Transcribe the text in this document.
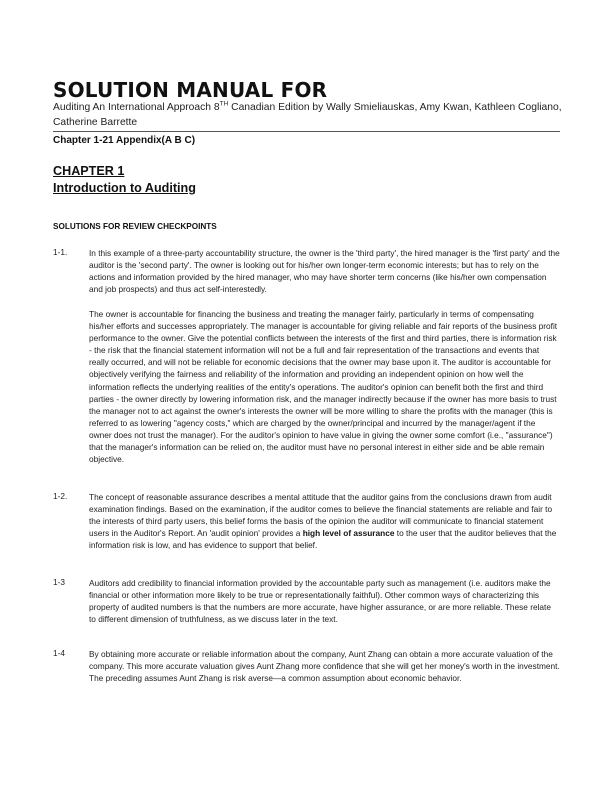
SOLUTION MANUAL FOR
Auditing An International Approach 8TH Canadian Edition by Wally Smieliauskas, Amy Kwan, Kathleen Cogliano, Catherine Barrette
Chapter 1-21 Appendix(A B C)
CHAPTER 1
Introduction to Auditing
SOLUTIONS FOR REVIEW CHECKPOINTS
1-1.	In this example of a three-party accountability structure, the owner is the 'third party', the hired manager is the 'first party' and the auditor is the 'second party'. The owner is looking out for his/her own longer-term economic interests; but has to rely on the actions and information provided by the hired manager, who may have shorter term concerns (like his/her own compensation and job prospects) and thus act self-interestedly.
The owner is accountable for financing the business and treating the manager fairly, particularly in terms of compensating his/her efforts and successes appropriately. The manager is accountable for giving reliable and fair reports of the business profit performance to the owner. Give the potential conflicts between the interests of the first and third parties, there is information risk - the risk that the financial statement information will not be a full and fair representation of the transactions and events that really occurred, and will not be reliable for economic decisions that the owner may base upon it. The auditor is accountable for objectively verifying the fairness and reliability of the information and providing an independent opinion on how well the information reflects the underlying realities of the entity's operations. The auditor's opinion can benefit both the first and third parties - the owner directly by lowering information risk, and the manager indirectly because if the owner has more basis to trust the manager not to act against the owner's interests the owner will be more willing to share the profits with the manager (this is referred to as lowering "agency costs," which are charged by the owner/principal and incurred by the manager/agent if the owner does not trust the manager). For the auditor's opinion to have value in giving the owner some comfort (i.e., "assurance") that the manager's information can be relied on, the auditor must have no personal interest in either side and be able remain objective.
1-2.	The concept of reasonable assurance describes a mental attitude that the auditor gains from the conclusions drawn from audit examination findings. Based on the examination, if the auditor comes to believe the financial statements are reliable and fair to the interests of third party users, this belief forms the basis of the opinion the auditor will communicate to financial statement users in the Auditor's Report. An 'audit opinion' provides a high level of assurance to the user that the auditor believes that the information risk is low, and has evidence to support that belief.
1-3	Auditors add credibility to financial information provided by the accountable party such as management (i.e. auditors make the financial or other information more likely to be true or representationally faithful). Other common ways of characterizing this property of audited numbers is that the numbers are more accurate, have higher assurance, or are more reliable. These relate to different dimension of truthfulness, as we discuss later in the text.
1-4	By obtaining more accurate or reliable information about the company, Aunt Zhang can obtain a more accurate valuation of the company. This more accurate valuation gives Aunt Zhang more confidence that she will get her money's worth in the investment. The preceding assumes Aunt Zhang is risk averse—a common assumption about economic behavior.
